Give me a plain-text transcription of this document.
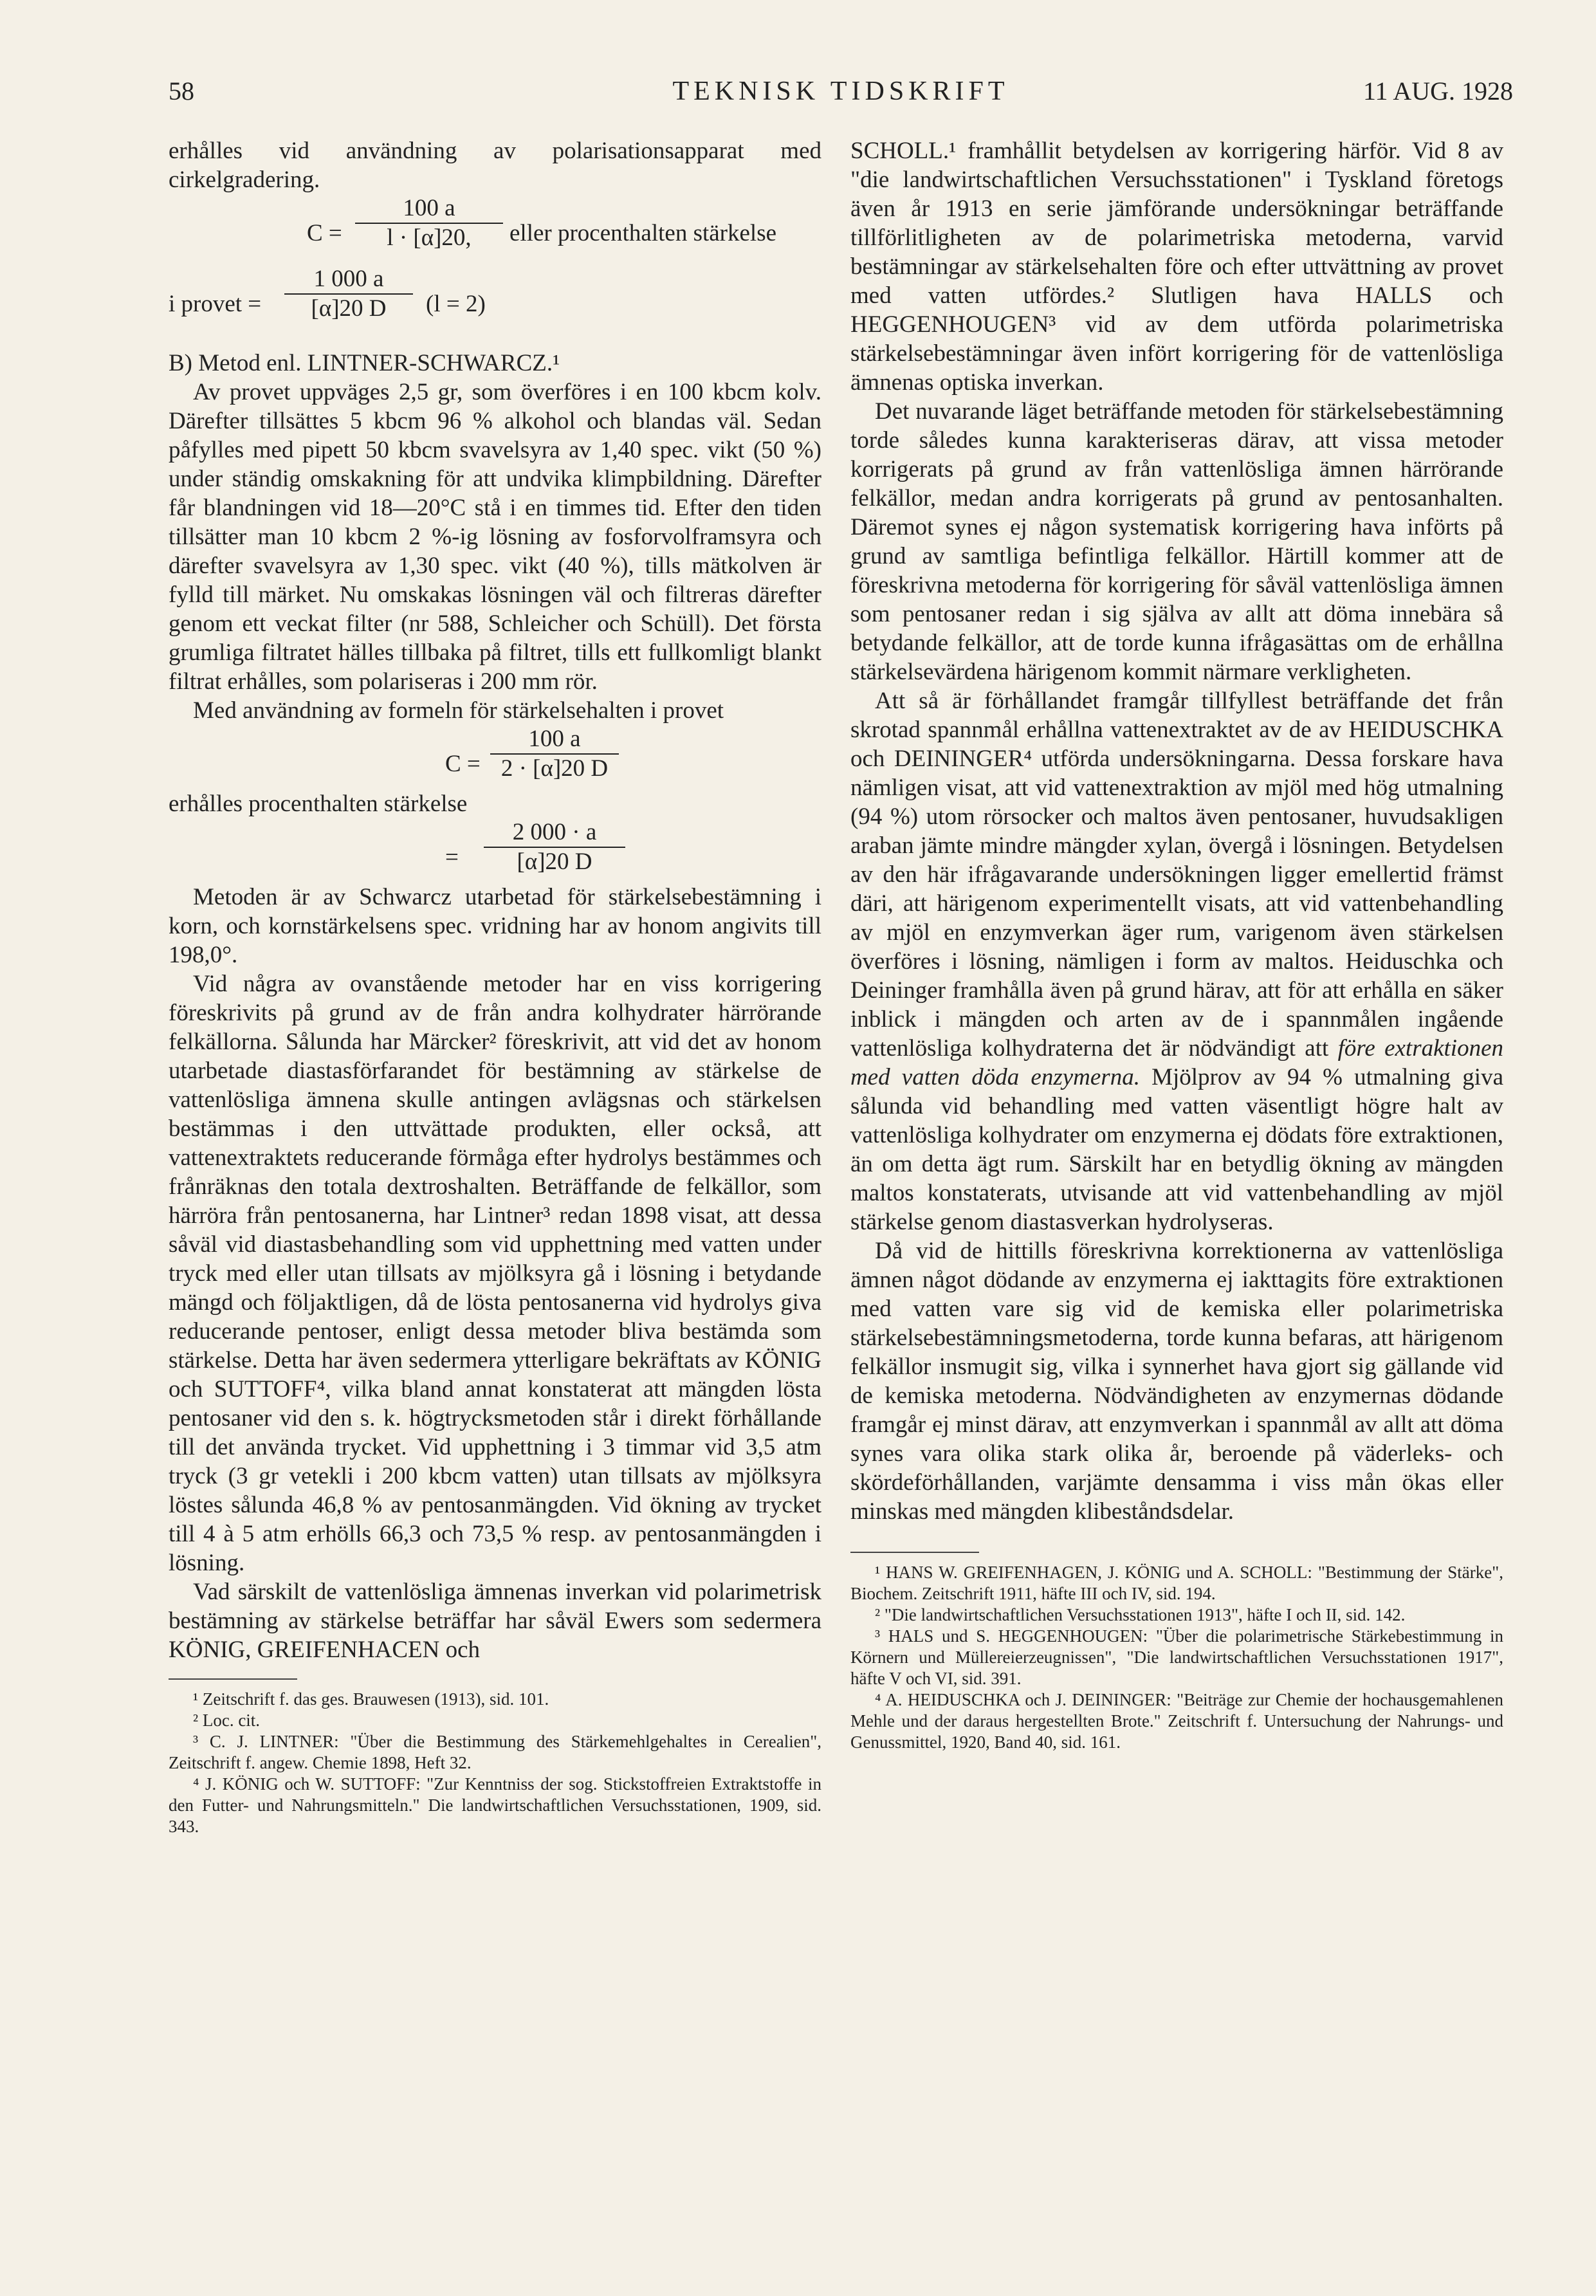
58	TEKNISK TIDSKRIFT	11 AUG. 1928

erhålles vid användning av polarisationsapparat med cirkelgradering.

C =
100 a
l · [α]20,	eller procenthalten stärkelse
i provet =
1 000 a
[α]20 D	(l = 2)

B) Metod enl. LINTNER-SCHWARCZ.¹

Av provet uppväges 2,5 gr, som överföres i en 100 kbcm kolv. Därefter tillsättes 5 kbcm 96 % alkohol och blandas väl. Sedan påfylles med pipett 50 kbcm svavelsyra av 1,40 spec. vikt (50 %) under ständig omskakning för att undvika klimpbildning. Därefter får blandningen vid 18—20°C stå i en timmes tid. Efter den tiden tillsätter man 10 kbcm 2 %-ig lösning av fosforvolframsyra och därefter svavelsyra av 1,30 spec. vikt (40 %), tills mätkolven är fylld till märket. Nu omskakas lösningen väl och filtreras därefter genom ett veckat filter (nr 588, Schleicher och Schüll). Det första grumliga filtratet hälles tillbaka på filtret, tills ett fullkomligt blankt filtrat erhålles, som polariseras i 200 mm rör.

Med användning av formeln för stärkelsehalten i provet

C =
100 a
2 · [α]20 D

erhålles procenthalten stärkelse

=
2 000 · a
[α]20 D

Metoden är av Schwarcz utarbetad för stärkelsebestämning i korn, och kornstärkelsens spec. vridning har av honom angivits till 198,0°.

Vid några av ovanstående metoder har en viss korrigering föreskrivits på grund av de från andra kolhydrater härrörande felkällorna. Sålunda har Märcker² föreskrivit, att vid det av honom utarbetade diastasförfarandet för bestämning av stärkelse de vattenlösliga ämnena skulle antingen avlägsnas och stärkelsen bestämmas i den uttvättade produkten, eller också, att vattenextraktets reducerande förmåga efter hydrolys bestämmes och frånräknas den totala dextroshalten. Beträffande de felkällor, som härröra från pentosanerna, har Lintner³ redan 1898 visat, att dessa såväl vid diastasbehandling som vid upphettning med vatten under tryck med eller utan tillsats av mjölksyra gå i lösning i betydande mängd och följaktligen, då de lösta pentosanerna vid hydrolys giva reducerande pentoser, enligt dessa metoder bliva bestämda som stärkelse. Detta har även sedermera ytterligare bekräftats av KÖNIG och SUTTOFF⁴, vilka bland annat konstaterat att mängden lösta pentosaner vid den s. k. högtrycksmetoden står i direkt förhållande till det använda trycket. Vid upphettning i 3 timmar vid 3,5 atm tryck (3 gr vetekli i 200 kbcm vatten) utan tillsats av mjölksyra löstes sålunda 46,8 % av pentosanmängden. Vid ökning av trycket till 4 à 5 atm erhölls 66,3 och 73,5 % resp. av pentosanmängden i lösning.

Vad särskilt de vattenlösliga ämnenas inverkan vid polarimetrisk bestämning av stärkelse beträffar har såväl Ewers som sedermera KÖNIG, GREIFENHACEN och

¹ Zeitschrift f. das ges. Brauwesen (1913), sid. 101.

² Loc. cit.

³ C. J. LINTNER: "Über die Bestimmung des Stärkemehlgehaltes in Cerealien", Zeitschrift f. angew. Chemie 1898, Heft 32.

⁴ J. KÖNIG och W. SUTTOFF: "Zur Kenntniss der sog. Stickstoffreien Extraktstoffe in den Futter- und Nahrungsmitteln." Die landwirtschaftlichen Versuchsstationen, 1909, sid. 343.

SCHOLL.¹ framhållit betydelsen av korrigering härför. Vid 8 av "die landwirtschaftlichen Versuchsstationen" i Tyskland företogs även år 1913 en serie jämförande undersökningar beträffande tillförlitligheten av de polarimetriska metoderna, varvid bestämningar av stärkelsehalten före och efter uttvättning av provet med vatten utfördes.² Slutligen hava HALLS och HEGGENHOUGEN³ vid av dem utförda polarimetriska stärkelsebestämningar även infört korrigering för de vattenlösliga ämnenas optiska inverkan.

Det nuvarande läget beträffande metoden för stärkelsebestämning torde således kunna karakteriseras därav, att vissa metoder korrigerats på grund av från vattenlösliga ämnen härrörande felkällor, medan andra korrigerats på grund av pentosanhalten. Däremot synes ej någon systematisk korrigering hava införts på grund av samtliga befintliga felkällor. Härtill kommer att de föreskrivna metoderna för korrigering för såväl vattenlösliga ämnen som pentosaner redan i sig själva av allt att döma innebära så betydande felkällor, att de torde kunna ifrågasättas om de erhållna stärkelsevärdena härigenom kommit närmare verkligheten.

Att så är förhållandet framgår tillfyllest beträffande det från skrotad spannmål erhållna vattenextraktet av de av HEIDUSCHKA och DEININGER⁴ utförda undersökningarna. Dessa forskare hava nämligen visat, att vid vattenextraktion av mjöl med hög utmalning (94 %) utom rörsocker och maltos även pentosaner, huvudsakligen araban jämte mindre mängder xylan, övergå i lösningen. Betydelsen av den här ifrågavarande undersökningen ligger emellertid främst däri, att härigenom experimentellt visats, att vid vattenbehandling av mjöl en enzymverkan äger rum, varigenom även stärkelsen överföres i lösning, nämligen i form av maltos. Heiduschka och Deininger framhålla även på grund härav, att för att erhålla en säker inblick i mängden och arten av de i spannmålen ingående vattenlösliga kolhydraterna det är nödvändigt att före extraktionen med vatten döda enzymerna. Mjölprov av 94 % utmalning giva sålunda vid behandling med vatten väsentligt högre halt av vattenlösliga kolhydrater om enzymerna ej dödats före extraktionen, än om detta ägt rum. Särskilt har en betydlig ökning av mängden maltos konstaterats, utvisande att vid vattenbehandling av mjöl stärkelse genom diastasverkan hydrolyseras.

Då vid de hittills föreskrivna korrektionerna av vattenlösliga ämnen något dödande av enzymerna ej iakttagits före extraktionen med vatten vare sig vid de kemiska eller polarimetriska stärkelsebestämningsmetoderna, torde kunna befaras, att härigenom felkällor insmugit sig, vilka i synnerhet hava gjort sig gällande vid de kemiska metoderna. Nödvändigheten av enzymernas dödande framgår ej minst därav, att enzymverkan i spannmål av allt att döma synes vara olika stark olika år, beroende på väderleks- och skördeförhållanden, varjämte densamma i viss mån ökas eller minskas med mängden klibeståndsdelar.

¹ HANS W. GREIFENHAGEN, J. KÖNIG und A. SCHOLL: "Bestimmung der Stärke", Biochem. Zeitschrift 1911, häfte III och IV, sid. 194.

² "Die landwirtschaftlichen Versuchsstationen 1913", häfte I och II, sid. 142.

³ HALS und S. HEGGENHOUGEN: "Über die polarimetrische Stärkebestimmung in Körnern und Müllereierzeugnissen", "Die landwirtschaftlichen Versuchsstationen 1917", häfte V och VI, sid. 391.

⁴ A. HEIDUSCHKA och J. DEININGER: "Beiträge zur Chemie der hochausgemahlenen Mehle und der daraus hergestellten Brote." Zeitschrift f. Untersuchung der Nahrungs- und Genussmittel, 1920, Band 40, sid. 161.
